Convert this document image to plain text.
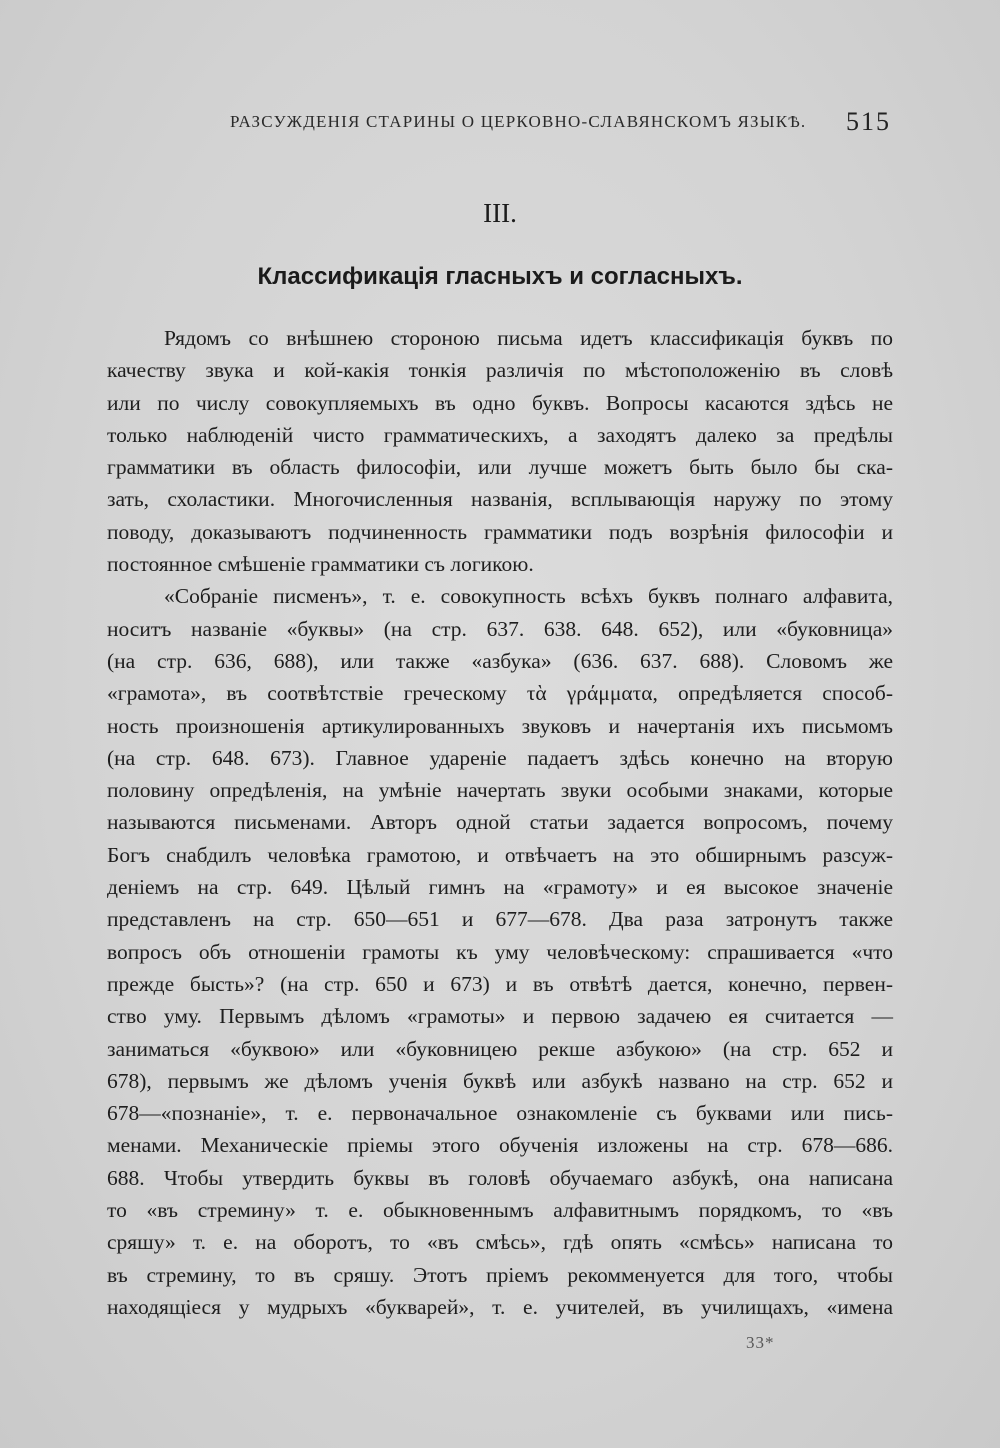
РАЗСУЖДЕНІЯ СТАРИНЫ О ЦЕРКОВНО-СЛАВЯНСКОМЪ ЯЗЫКѢ. 515
III.
Классификація гласныхъ и согласныхъ.
Рядомъ со внѣшнею стороною письма идетъ классификація буквъ по
качеству звука и кой-какія тонкія различія по мѣстоположенію въ словѣ
или по числу совокупляемыхъ въ одно буквъ. Вопросы касаются здѣсь не
только наблюденій чисто грамматическихъ, а заходятъ далеко за предѣлы
грамматики въ область философіи, или лучше можетъ быть было бы ска-
зать, схоластики. Многочисленныя названія, всплывающія наружу по этому
поводу, доказываютъ подчиненность грамматики подъ возрѣнія философіи и
постоянное смѣшеніе грамматики съ логикою.
«Собраніе писменъ», т. е. совокупность всѣхъ буквъ полнаго алфавита,
носитъ названіе «буквы» (на стр. 637. 638. 648. 652), или «буковница»
(на стр. 636, 688), или также «азбука» (636. 637. 688). Словомъ же
«грамота», въ соотвѣтствіе греческому τὰ γράμματα, опредѣляется способ-
ность произношенія артикулированныхъ звуковъ и начертанія ихъ письмомъ
(на стр. 648. 673). Главное удареніе падаетъ здѣсь конечно на вторую
половину опредѣленія, на умѣніе начертать звуки особыми знаками, которые
называются письменами. Авторъ одной статьи задается вопросомъ, почему
Богъ снабдилъ человѣка грамотою, и отвѣчаетъ на это обширнымъ разсуж-
деніемъ на стр. 649. Цѣлый гимнъ на «грамоту» и ея высокое значеніе
представленъ на стр. 650—651 и 677—678. Два раза затронутъ также
вопросъ объ отношеніи грамоты къ уму человѣческому: спрашивается «что
прежде бысть»? (на стр. 650 и 673) и въ отвѣтѣ дается, конечно, первен-
ство уму. Первымъ дѣломъ «грамоты» и первою задачею ея считается —
заниматься «буквою» или «буковницею рекше азбукою» (на стр. 652 и
678), первымъ же дѣломъ ученія буквѣ или азбукѣ названо на стр. 652 и
678—«познаніе», т. е. первоначальное ознакомленіе съ буквами или пись-
менами. Механическіе пріемы этого обученія изложены на стр. 678—686.
688. Чтобы утвердить буквы въ головѣ обучаемаго азбукѣ, она написана
то «въ стремину» т. е. обыкновеннымъ алфавитнымъ порядкомъ, то «въ
сряшу» т. е. на оборотъ, то «въ смѣсь», гдѣ опять «смѣсь» написана то
въ стремину, то въ сряшу. Этотъ пріемъ рекомменуется для того, чтобы
находящіеся у мудрыхъ «букварей», т. е. учителей, въ училищахъ, «имена
33*
